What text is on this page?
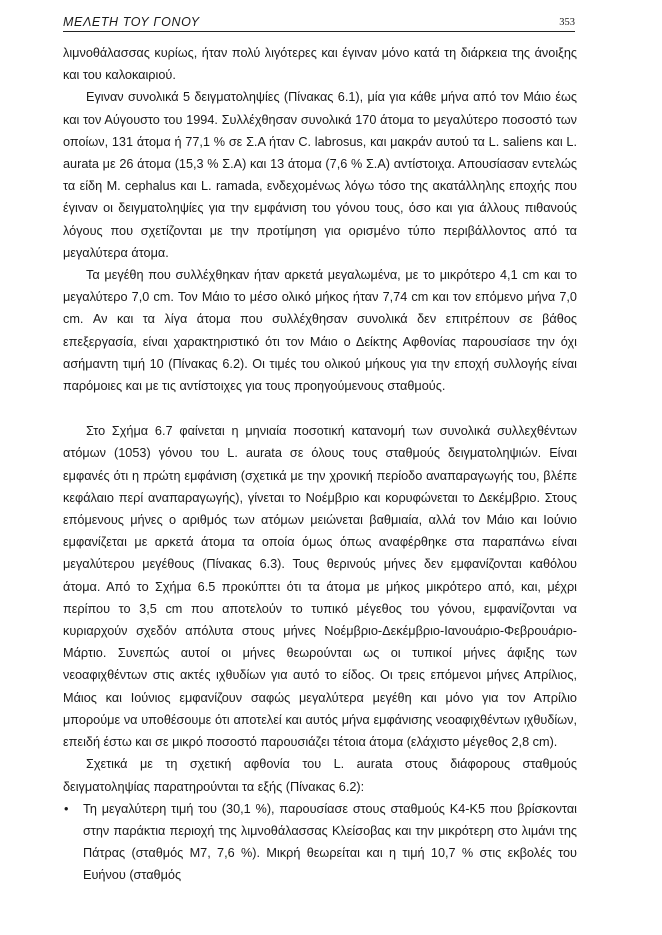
ΜΕΛΕΤΗ ΤΟΥ ΓΟΝΟΥ	353

λιμνοθάλασσας κυρίως, ήταν πολύ λιγότερες και έγιναν μόνο κατά τη διάρκεια της άνοιξης και του καλοκαιριού.

Εγιναν συνολικά 5 δειγματοληψίες (Πίνακας 6.1), μία για κάθε μήνα από τον Μάιο έως και τον Αύγουστο του 1994. Συλλέχθησαν συνολικά 170 άτομα το μεγαλύτερο ποσοστό των οποίων, 131 άτομα ή 77,1 % σε Σ.Α ήταν C. labrosus, και μακράν αυτού τα L. saliens και L. aurata με 26 άτομα (15,3 % Σ.Α) και 13 άτομα (7,6 % Σ.Α) αντίστοιχα. Απουσίασαν εντελώς τα είδη M. cephalus και L. ramada, ενδεχομένως λόγω τόσο της ακατάλληλης εποχής που έγιναν οι δειγματοληψίες για την εμφάνιση του γόνου τους, όσο και για άλλους πιθανούς λόγους που σχετίζονται με την προτίμηση για ορισμένο τύπο περιβάλλοντος από τα μεγαλύτερα άτομα.

Τα μεγέθη που συλλέχθηκαν ήταν αρκετά μεγαλωμένα, με το μικρότερο 4,1 cm και το μεγαλύτερο 7,0 cm. Τον Μάιο το μέσο ολικό μήκος ήταν 7,74 cm και τον επόμενο μήνα 7,0 cm. Αν και τα λίγα άτομα που συλλέχθησαν συνολικά δεν επιτρέπουν σε βάθος επεξεργασία, είναι χαρακτηριστικό ότι τον Μάιο ο Δείκτης Αφθονίας παρουσίασε την όχι ασήμαντη τιμή 10 (Πίνακας 6.2). Οι τιμές του ολικού μήκους για την εποχή συλλογής είναι παρόμοιες και με τις αντίστοιχες για τους προηγούμενους σταθμούς.

Στο Σχήμα 6.7 φαίνεται η μηνιαία ποσοτική κατανομή των συνολικά συλλεχθέντων ατόμων (1053) γόνου του L. aurata σε όλους τους σταθμούς δειγματοληψιών. Είναι εμφανές ότι η πρώτη εμφάνιση (σχετικά με την χρονική περίοδο αναπαραγωγής του, βλέπε κεφάλαιο περί αναπαραγωγής), γίνεται το Νοέμβριο και κορυφώνεται το Δεκέμβριο. Στους επόμενους μήνες ο αριθμός των ατόμων μειώνεται βαθμιαία, αλλά τον Μάιο και Ιούνιο εμφανίζεται με αρκετά άτομα τα οποία όμως όπως αναφέρθηκε στα παραπάνω είναι μεγαλύτερου μεγέθους (Πίνακας 6.3). Τους θερινούς μήνες δεν εμφανίζονται καθόλου άτομα. Από το Σχήμα 6.5 προκύπτει ότι τα άτομα με μήκος μικρότερο από, και, μέχρι περίπου το 3,5 cm που αποτελούν το τυπικό μέγεθος του γόνου, εμφανίζονται να κυριαρχούν σχεδόν απόλυτα στους μήνες Νοέμβριο-Δεκέμβριο-Ιανουάριο-Φεβρουάριο-Μάρτιο. Συνεπώς αυτοί οι μήνες θεωρούνται ως οι τυπικοί μήνες άφιξης των νεοαφιχθέντων στις ακτές ιχθυδίων για αυτό το είδος. Οι τρεις επόμενοι μήνες Απρίλιος, Μάιος και Ιούνιος εμφανίζουν σαφώς μεγαλύτερα μεγέθη και μόνο για τον Απρίλιο μπορούμε να υποθέσουμε ότι αποτελεί και αυτός μήνα εμφάνισης νεοαφιχθέντων ιχθυδίων, επειδή έστω και σε μικρό ποσοστό παρουσιάζει τέτοια άτομα (ελάχιστο μέγεθος 2,8 cm).

Σχετικά με τη σχετική αφθονία του L. aurata στους διάφορους σταθμούς δειγματοληψίας παρατηρούνται τα εξής (Πίνακας 6.2):

• Τη μεγαλύτερη τιμή του (30,1 %), παρουσίασε στους σταθμούς Κ4-Κ5 που βρίσκονται στην παράκτια περιοχή της λιμνοθάλασσας Κλείσοβας και την μικρότερη στο λιμάνι της Πάτρας (σταθμός Μ7, 7,6 %). Μικρή θεωρείται και η τιμή 10,7 % στις εκβολές του Ευήνου (σταθμός
